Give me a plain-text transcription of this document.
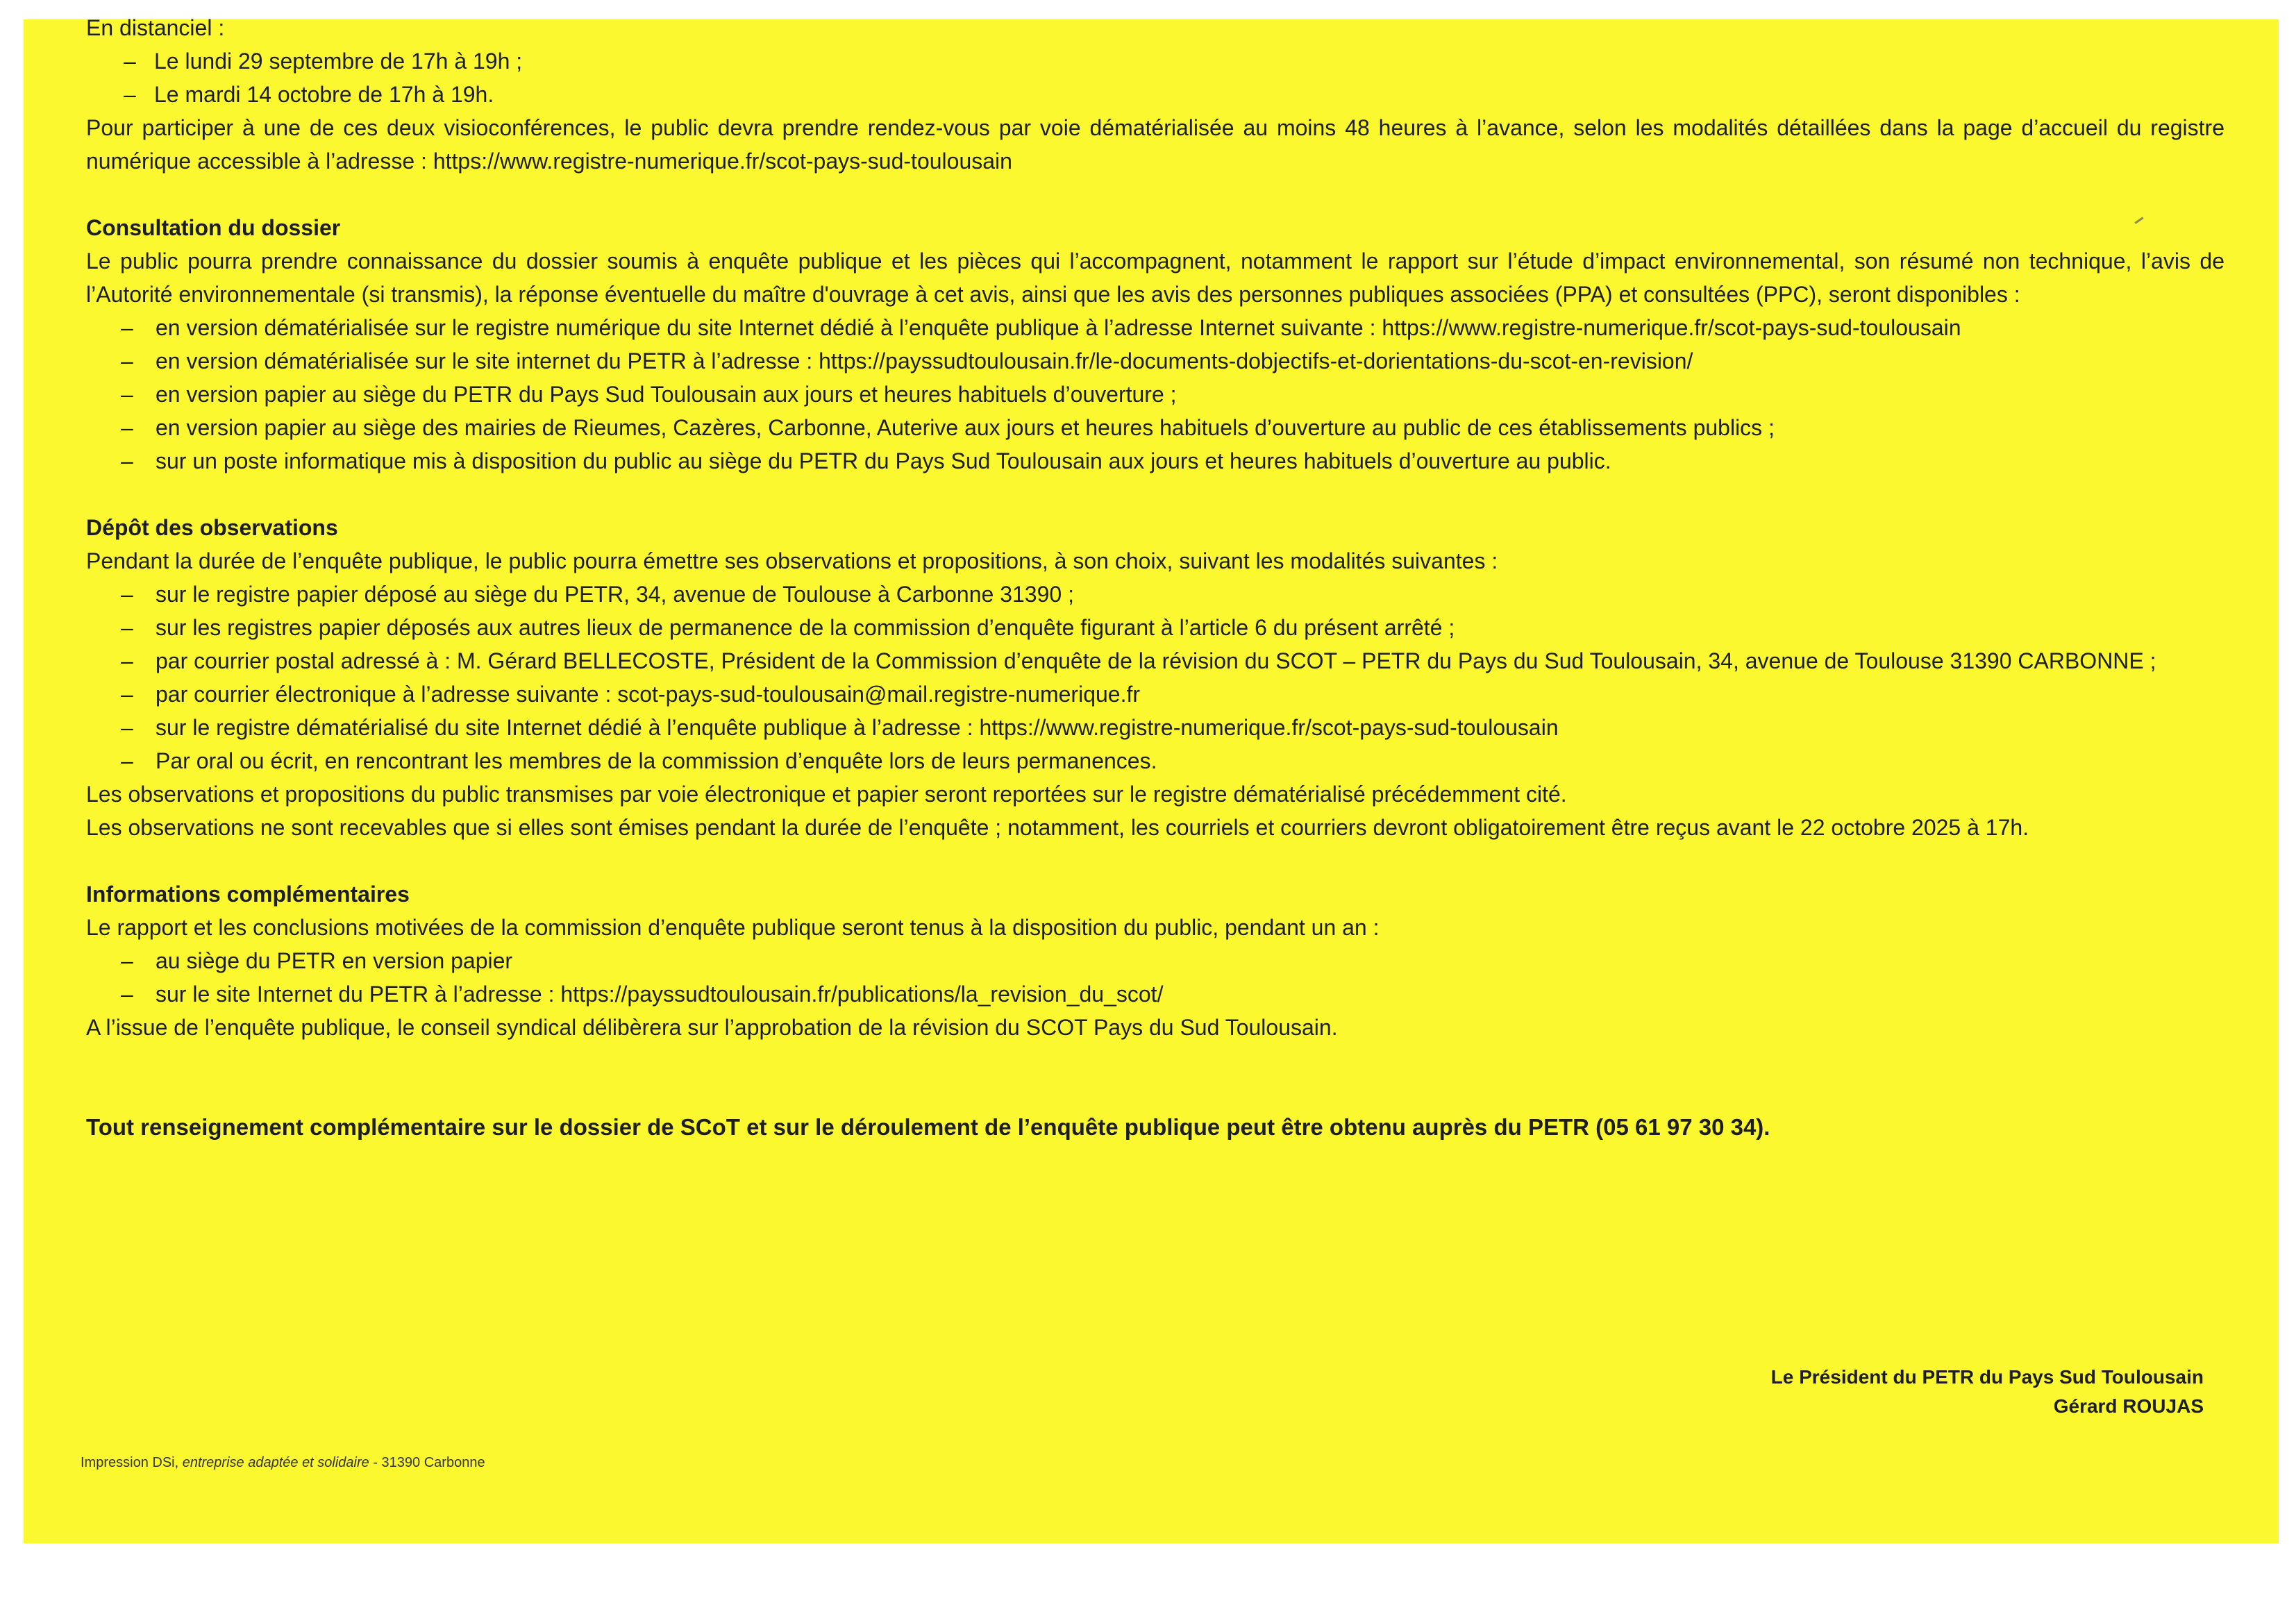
En distanciel :

– Le lundi 29 septembre de 17h à 19h ;
– Le mardi 14 octobre de 17h à 19h.

Pour participer à une de ces deux visioconférences, le public devra prendre rendez-vous par voie dématérialisée au moins 48 heures à l’avance, selon les modalités détaillées dans la page d’accueil du registre numérique accessible à l’adresse : https://www.registre-numerique.fr/scot-pays-sud-toulousain

Consultation du dossier

Le public pourra prendre connaissance du dossier soumis à enquête publique et les pièces qui l’accompagnent, notamment le rapport sur l’étude d’impact environnemental, son résumé non technique, l’avis de l’Autorité environnementale (si transmis), la réponse éventuelle du maître d'ouvrage à cet avis, ainsi que les avis des personnes publiques associées (PPA) et consultées (PPC), seront disponibles :

– en version dématérialisée sur le registre numérique du site Internet dédié à l’enquête publique à l’adresse Internet suivante : https://www.registre-numerique.fr/scot-pays-sud-toulousain
– en version dématérialisée sur le site internet du PETR à l’adresse : https://payssudtoulousain.fr/le-documents-dobjectifs-et-dorientations-du-scot-en-revision/
– en version papier au siège du PETR du Pays Sud Toulousain aux jours et heures habituels d’ouverture ;
– en version papier au siège des mairies de Rieumes, Cazères, Carbonne, Auterive aux jours et heures habituels d’ouverture au public de ces établissements publics ;
– sur un poste informatique mis à disposition du public au siège du PETR du Pays Sud Toulousain aux jours et heures habituels d’ouverture au public.

Dépôt des observations

Pendant la durée de l’enquête publique, le public pourra émettre ses observations et propositions, à son choix, suivant les modalités suivantes :

– sur le registre papier déposé au siège du PETR, 34, avenue de Toulouse à Carbonne 31390 ;
– sur les registres papier déposés aux autres lieux de permanence de la commission d’enquête figurant à l’article 6 du présent arrêté ;
– par courrier postal adressé à : M. Gérard BELLECOSTE, Président de la Commission d’enquête de la révision du SCOT – PETR du Pays du Sud Toulousain, 34, avenue de Toulouse 31390 CARBONNE ;
– par courrier électronique à l’adresse suivante : scot-pays-sud-toulousain@mail.registre-numerique.fr
– sur le registre dématérialisé du site Internet dédié à l’enquête publique à l’adresse : https://www.registre-numerique.fr/scot-pays-sud-toulousain
– Par oral ou écrit, en rencontrant les membres de la commission d’enquête lors de leurs permanences.

Les observations et propositions du public transmises par voie électronique et papier seront reportées sur le registre dématérialisé précédemment cité.

Les observations ne sont recevables que si elles sont émises pendant la durée de l’enquête ; notamment, les courriels et courriers devront obligatoirement être reçus avant le 22 octobre 2025 à 17h.

Informations complémentaires

Le rapport et les conclusions motivées de la commission d’enquête publique seront tenus à la disposition du public, pendant un an :

– au siège du PETR en version papier
– sur le site Internet du PETR à l’adresse : https://payssudtoulousain.fr/publications/la_revision_du_scot/

A l’issue de l’enquête publique, le conseil syndical délibèrera sur l’approbation de la révision du SCOT Pays du Sud Toulousain.

Tout renseignement complémentaire sur le dossier de SCoT et sur le déroulement de l’enquête publique peut être obtenu auprès du PETR (05 61 97 30 34).

Le Président du PETR du Pays Sud Toulousain
Gérard ROUJAS
Impression DSi, entreprise adaptée et solidaire - 31390 Carbonne
